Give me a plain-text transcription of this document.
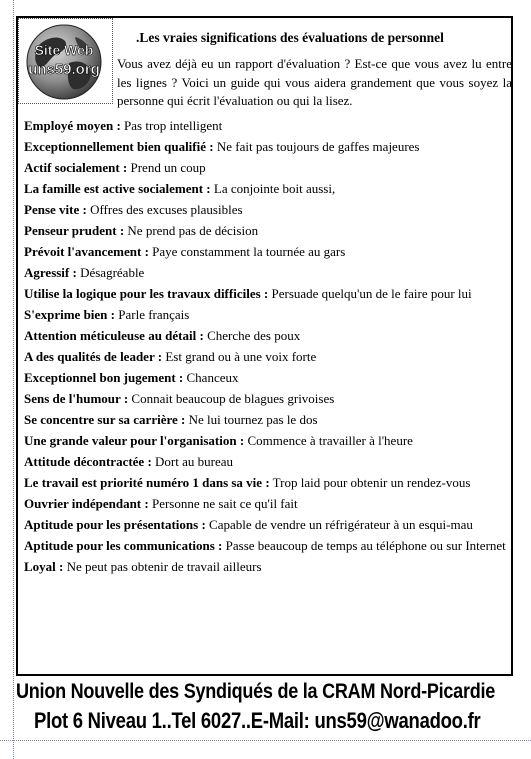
Site Web
uns59.org
.Les vraies significations des évaluations de personnel
Vous avez déjà eu un rapport d'évaluation ? Est-ce que vous avez lu entre les lignes ? Voici un guide qui vous aidera grandement que vous soyez la personne qui écrit l'évaluation ou qui la lisez.
Employé moyen : Pas trop intelligent
Exceptionnellement bien qualifié : Ne fait pas toujours de gaffes majeures
Actif socialement : Prend un coup
La famille est active socialement : La conjointe boit aussi,
Pense vite : Offres des excuses plausibles
Penseur prudent : Ne prend pas de décision
Prévoit l'avancement : Paye constamment la tournée au gars
Agressif : Désagréable
Utilise la logique pour les travaux difficiles : Persuade quelqu'un de le faire pour lui
S'exprime bien : Parle français
Attention méticuleuse au détail : Cherche des poux
A des qualités de leader : Est grand ou à une voix forte
Exceptionnel bon jugement : Chanceux
Sens de l'humour : Connait beaucoup de blagues grivoises
Se concentre sur sa carrière : Ne lui tournez pas le dos
Une grande valeur pour l'organisation : Commence à travailler à l'heure
Attitude décontractée : Dort au bureau
Le travail est priorité numéro 1 dans sa vie : Trop laid pour obtenir un rendez-vous
Ouvrier indépendant : Personne ne sait ce qu'il fait
Aptitude pour les présentations : Capable de vendre un réfrigérateur à un esqui-mau
Aptitude pour les communications : Passe beaucoup de temps au téléphone ou sur Internet
Loyal : Ne peut pas obtenir de travail ailleurs
Union Nouvelle des Syndiqués de la CRAM Nord-Picardie
Plot 6 Niveau 1..Tel 6027..E-Mail: uns59@wanadoo.fr
